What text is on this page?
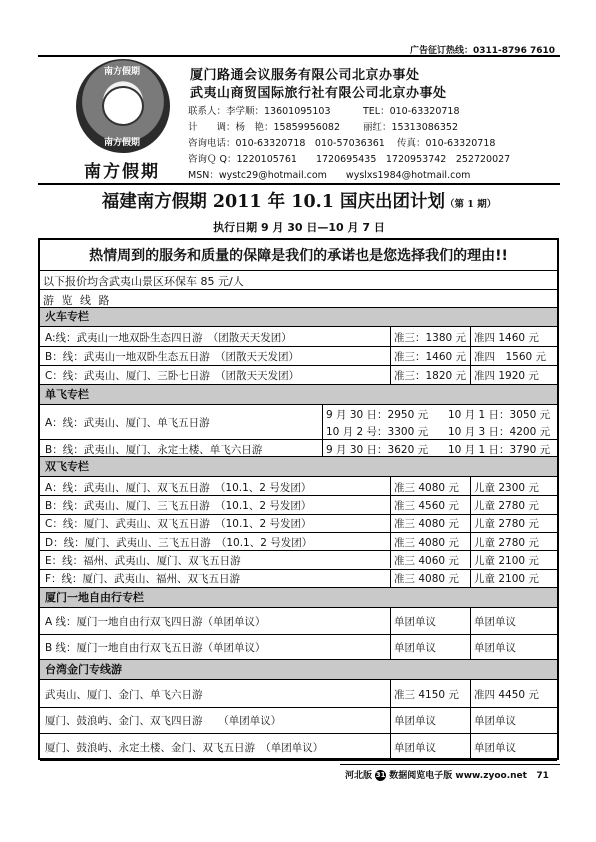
广告征订热线：0311-8796 7610
南方假期
南方假期
南方假期
厦门路通会议服务有限公司北京办事处
武夷山商贸国际旅行社有限公司北京办事处
联系人：李学顺：13601095103	TEL：010-63320718
计　　调：杨　艳：15859956082 丽红：15313086352
咨询电话：010-63320718　010-57036361 传真：010-63320718
咨询Ｑ Q：1220105761　　1720695435　1720953742　252720027
MSN：wystc29@hotmail.com　　wyslxs1984@hotmail.com
福建南方假期 2011 年 10.1 国庆出团计划（第 1 期）
执行日期 9 月 30 日—10 月 7 日
热情周到的服务和质量的保障是我们的承诺也是您选择我们的理由!!
以下报价均含武夷山景区环保车 85 元/人
游 览 线 路
火车专栏
A:线：武夷山一地双卧生态四日游　（团散天天发团）	准三：1380 元 准四 1460 元
B：线：武夷山一地双卧生态五日游　（团散天天发团）	准三：1460 元 准四　1560 元
C：线：武夷山、厦门、三卧七日游　（团散天天发团）	准三：1820 元 准四 1920 元
单飞专栏
A：线：武夷山、厦门、单飞五日游
9 月 30 日：2950 元 10 月 1 日：3050 元
10 月 2 号：3300 元 10 月 3 日：4200 元
B：线：武夷山、厦门、永定土楼、单飞六日游	9 月 30 日：3620 元 10 月 1 日：3790 元
双飞专栏
A：线：武夷山、厦门、双飞五日游　（10.1、2 号发团）	准三 4080 元 儿童 2300 元
B：线：武夷山、厦门、三飞五日游　（10.1、2 号发团）	准三 4560 元 儿童 2780 元
C：线：厦门、武夷山、双飞五日游　（10.1、2 号发团）	准三 4080 元 儿童 2780 元
D：线：厦门、武夷山、三飞五日游　（10.1、2 号发团）	准三 4080 元 儿童 2780 元
E：线：福州、武夷山、厦门、双飞五日游	准三 4060 元 儿童 2100 元
F：线：厦门、武夷山、福州、双飞五日游	准三 4080 元 儿童 2100 元
厦门一地自由行专栏
A 线：厦门一地自由行双飞四日游（单团单议）	单团单议	单团单议
B 线：厦门一地自由行双飞五日游（单团单议）	单团单议	单团单议
台湾金门专线游
武夷山、厦门、金门、单飞六日游	准三 4150 元 准四 4450 元
厦门、鼓浪屿、金门、双飞四日游　　（单团单议）	单团单议	单团单议
厦门、鼓浪屿、永定土楼、金门、双飞五日游　（单团单议）	单团单议	单团单议
河北版 31 数据阅览电子版 www.zyoo.net 71
